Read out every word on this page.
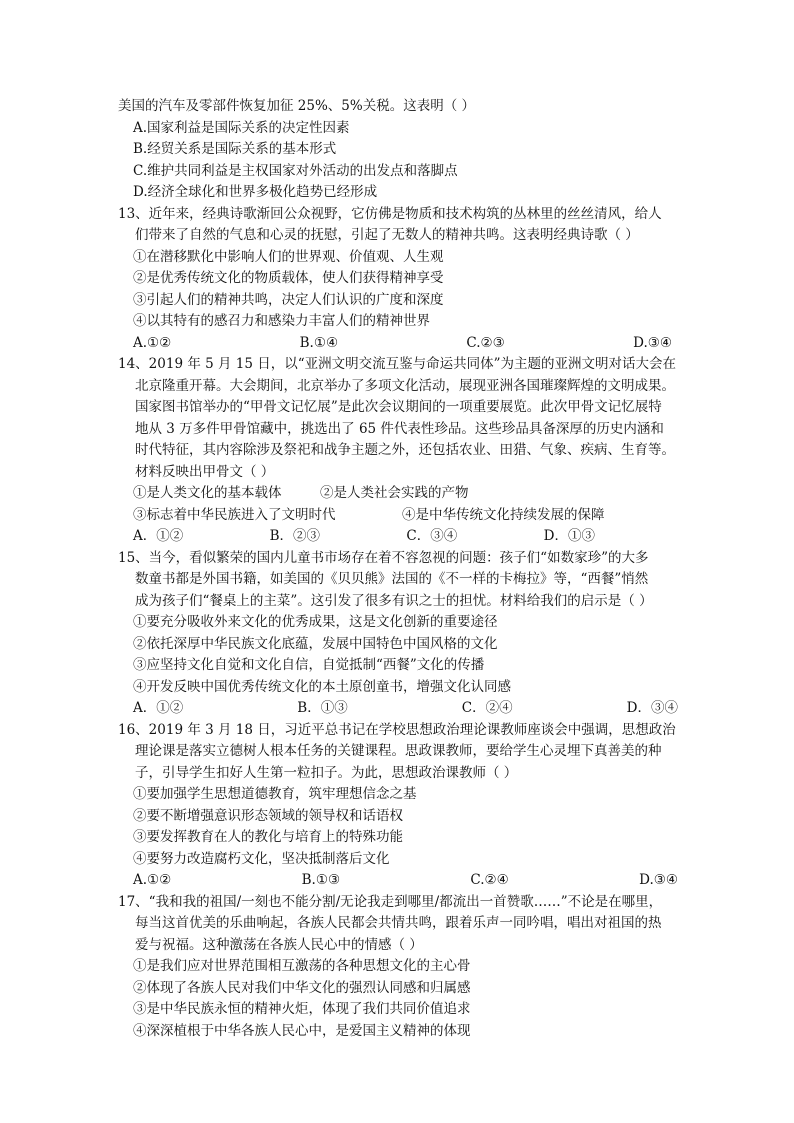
美国的汽车及零部件恢复加征 25%、5%关税。这表明（ ）
A.国家利益是国际关系的决定性因素
B.经贸关系是国际关系的基本形式
C.维护共同利益是主权国家对外活动的出发点和落脚点
D.经济全球化和世界多极化趋势已经形成
13、近年来，经典诗歌渐回公众视野，它仿佛是物质和技术构筑的丛林里的丝丝清风，给人
们带来了自然的气息和心灵的抚慰，引起了无数人的精神共鸣。这表明经典诗歌（ ）
①在潜移默化中影响人们的世界观、价值观、人生观
②是优秀传统文化的物质载体，使人们获得精神享受
③引起人们的精神共鸣，决定人们认识的广度和深度
④以其特有的感召力和感染力丰富人们的精神世界
A.①②	B.①④	C.②③	D.③④
14、2019 年 5 月 15 日，以“亚洲文明交流互鉴与命运共同体”为主题的亚洲文明对话大会在
北京隆重开幕。大会期间，北京举办了多项文化活动，展现亚洲各国璀璨辉煌的文明成果。
国家图书馆举办的“甲骨文记忆展”是此次会议期间的一项重要展览。此次甲骨文记忆展特
地从 3 万多件甲骨馆藏中，挑选出了 65 件代表性珍品。这些珍品具备深厚的历史内涵和
时代特征，其内容除涉及祭祀和战争主题之外，还包括农业、田猎、气象、疾病、生育等。
材料反映出甲骨文（ ）
①是人类文化的基本载体	②是人类社会实践的产物
③标志着中华民族进入了文明时代	④是中华传统文化持续发展的保障
A．①②	B．②③	C．③④	D．①③
15、当今，看似繁荣的国内儿童书市场存在着不容忽视的问题：孩子们“如数家珍”的大多
数童书都是外国书籍，如美国的《贝贝熊》法国的《不一样的卡梅拉》等，“西餐”悄然
成为孩子们“餐桌上的主菜”。这引发了很多有识之士的担忧。材料给我们的启示是（ ）
①要充分吸收外来文化的优秀成果，这是文化创新的重要途径
②依托深厚中华民族文化底蕴，发展中国特色中国风格的文化
③应坚持文化自觉和文化自信，自觉抵制“西餐”文化的传播
④开发反映中国优秀传统文化的本土原创童书，增强文化认同感
A．①②	B．①③	C．②④	D．③④
16、2019 年 3 月 18 日，习近平总书记在学校思想政治理论课教师座谈会中强调，思想政治
理论课是落实立德树人根本任务的关键课程。思政课教师，要给学生心灵埋下真善美的种
子，引导学生扣好人生第一粒扣子。为此，思想政治课教师（ ）
①要加强学生思想道德教育，筑牢理想信念之基
②要不断增强意识形态领域的领导权和话语权
③要发挥教育在人的教化与培育上的特殊功能
④要努力改造腐朽文化，坚决抵制落后文化
A.①②	B.①③	C.②④	D.③④
17、“我和我的祖国/一刻也不能分割/无论我走到哪里/都流出一首赞歌……”不论是在哪里，
每当这首优美的乐曲响起，各族人民都会共情共鸣，跟着乐声一同吟唱，唱出对祖国的热
爱与祝福。这种激荡在各族人民心中的情感（ ）
①是我们应对世界范围相互激荡的各种思想文化的主心骨
②体现了各族人民对我们中华文化的强烈认同感和归属感
③是中华民族永恒的精神火炬，体现了我们共同价值追求
④深深植根于中华各族人民心中，是爱国主义精神的体现
